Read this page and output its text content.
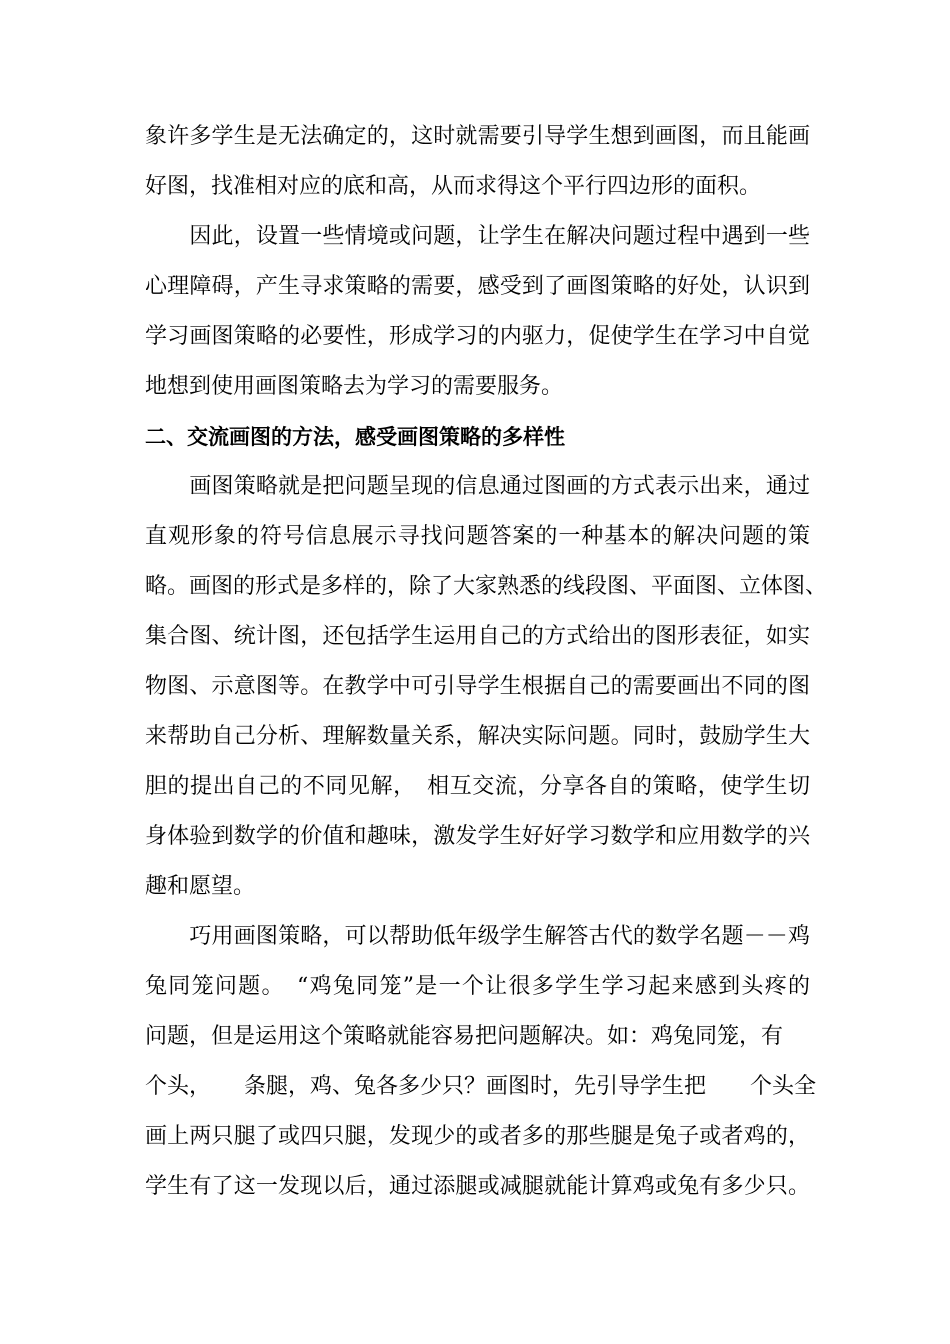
象许多学生是无法确定的，这时就需要引导学生想到画图，而且能画
好图，找准相对应的底和高，从而求得这个平行四边形的面积。
　　因此，设置一些情境或问题，让学生在解决问题过程中遇到一些
心理障碍，产生寻求策略的需要，感受到了画图策略的好处，认识到
学习画图策略的必要性，形成学习的内驱力，促使学生在学习中自觉
地想到使用画图策略去为学习的需要服务。
二、交流画图的方法，感受画图策略的多样性
　　画图策略就是把问题呈现的信息通过图画的方式表示出来，通过
直观形象的符号信息展示寻找问题答案的一种基本的解决问题的策
略。画图的形式是多样的，除了大家熟悉的线段图、平面图、立体图、
集合图、统计图，还包括学生运用自己的方式给出的图形表征，如实
物图、示意图等。在教学中可引导学生根据自己的需要画出不同的图
来帮助自己分析、理解数量关系，解决实际问题。同时，鼓励学生大
胆的提出自己的不同见解，　相互交流，分享各自的策略，使学生切
身体验到数学的价值和趣味，激发学生好好学习数学和应用数学的兴
趣和愿望。
　　巧用画图策略，可以帮助低年级学生解答古代的数学名题－－鸡
兔同笼问题。　“鸡兔同笼”是一个让很多学生学习起来感到头疼的
问题，但是运用这个策略就能容易把问题解决。如：鸡兔同笼，有
个头，　　条腿，鸡、兔各多少只？画图时，先引导学生把　　个头全
画上两只腿了或四只腿，发现少的或者多的那些腿是兔子或者鸡的，
学生有了这一发现以后，通过添腿或减腿就能计算鸡或兔有多少只。
